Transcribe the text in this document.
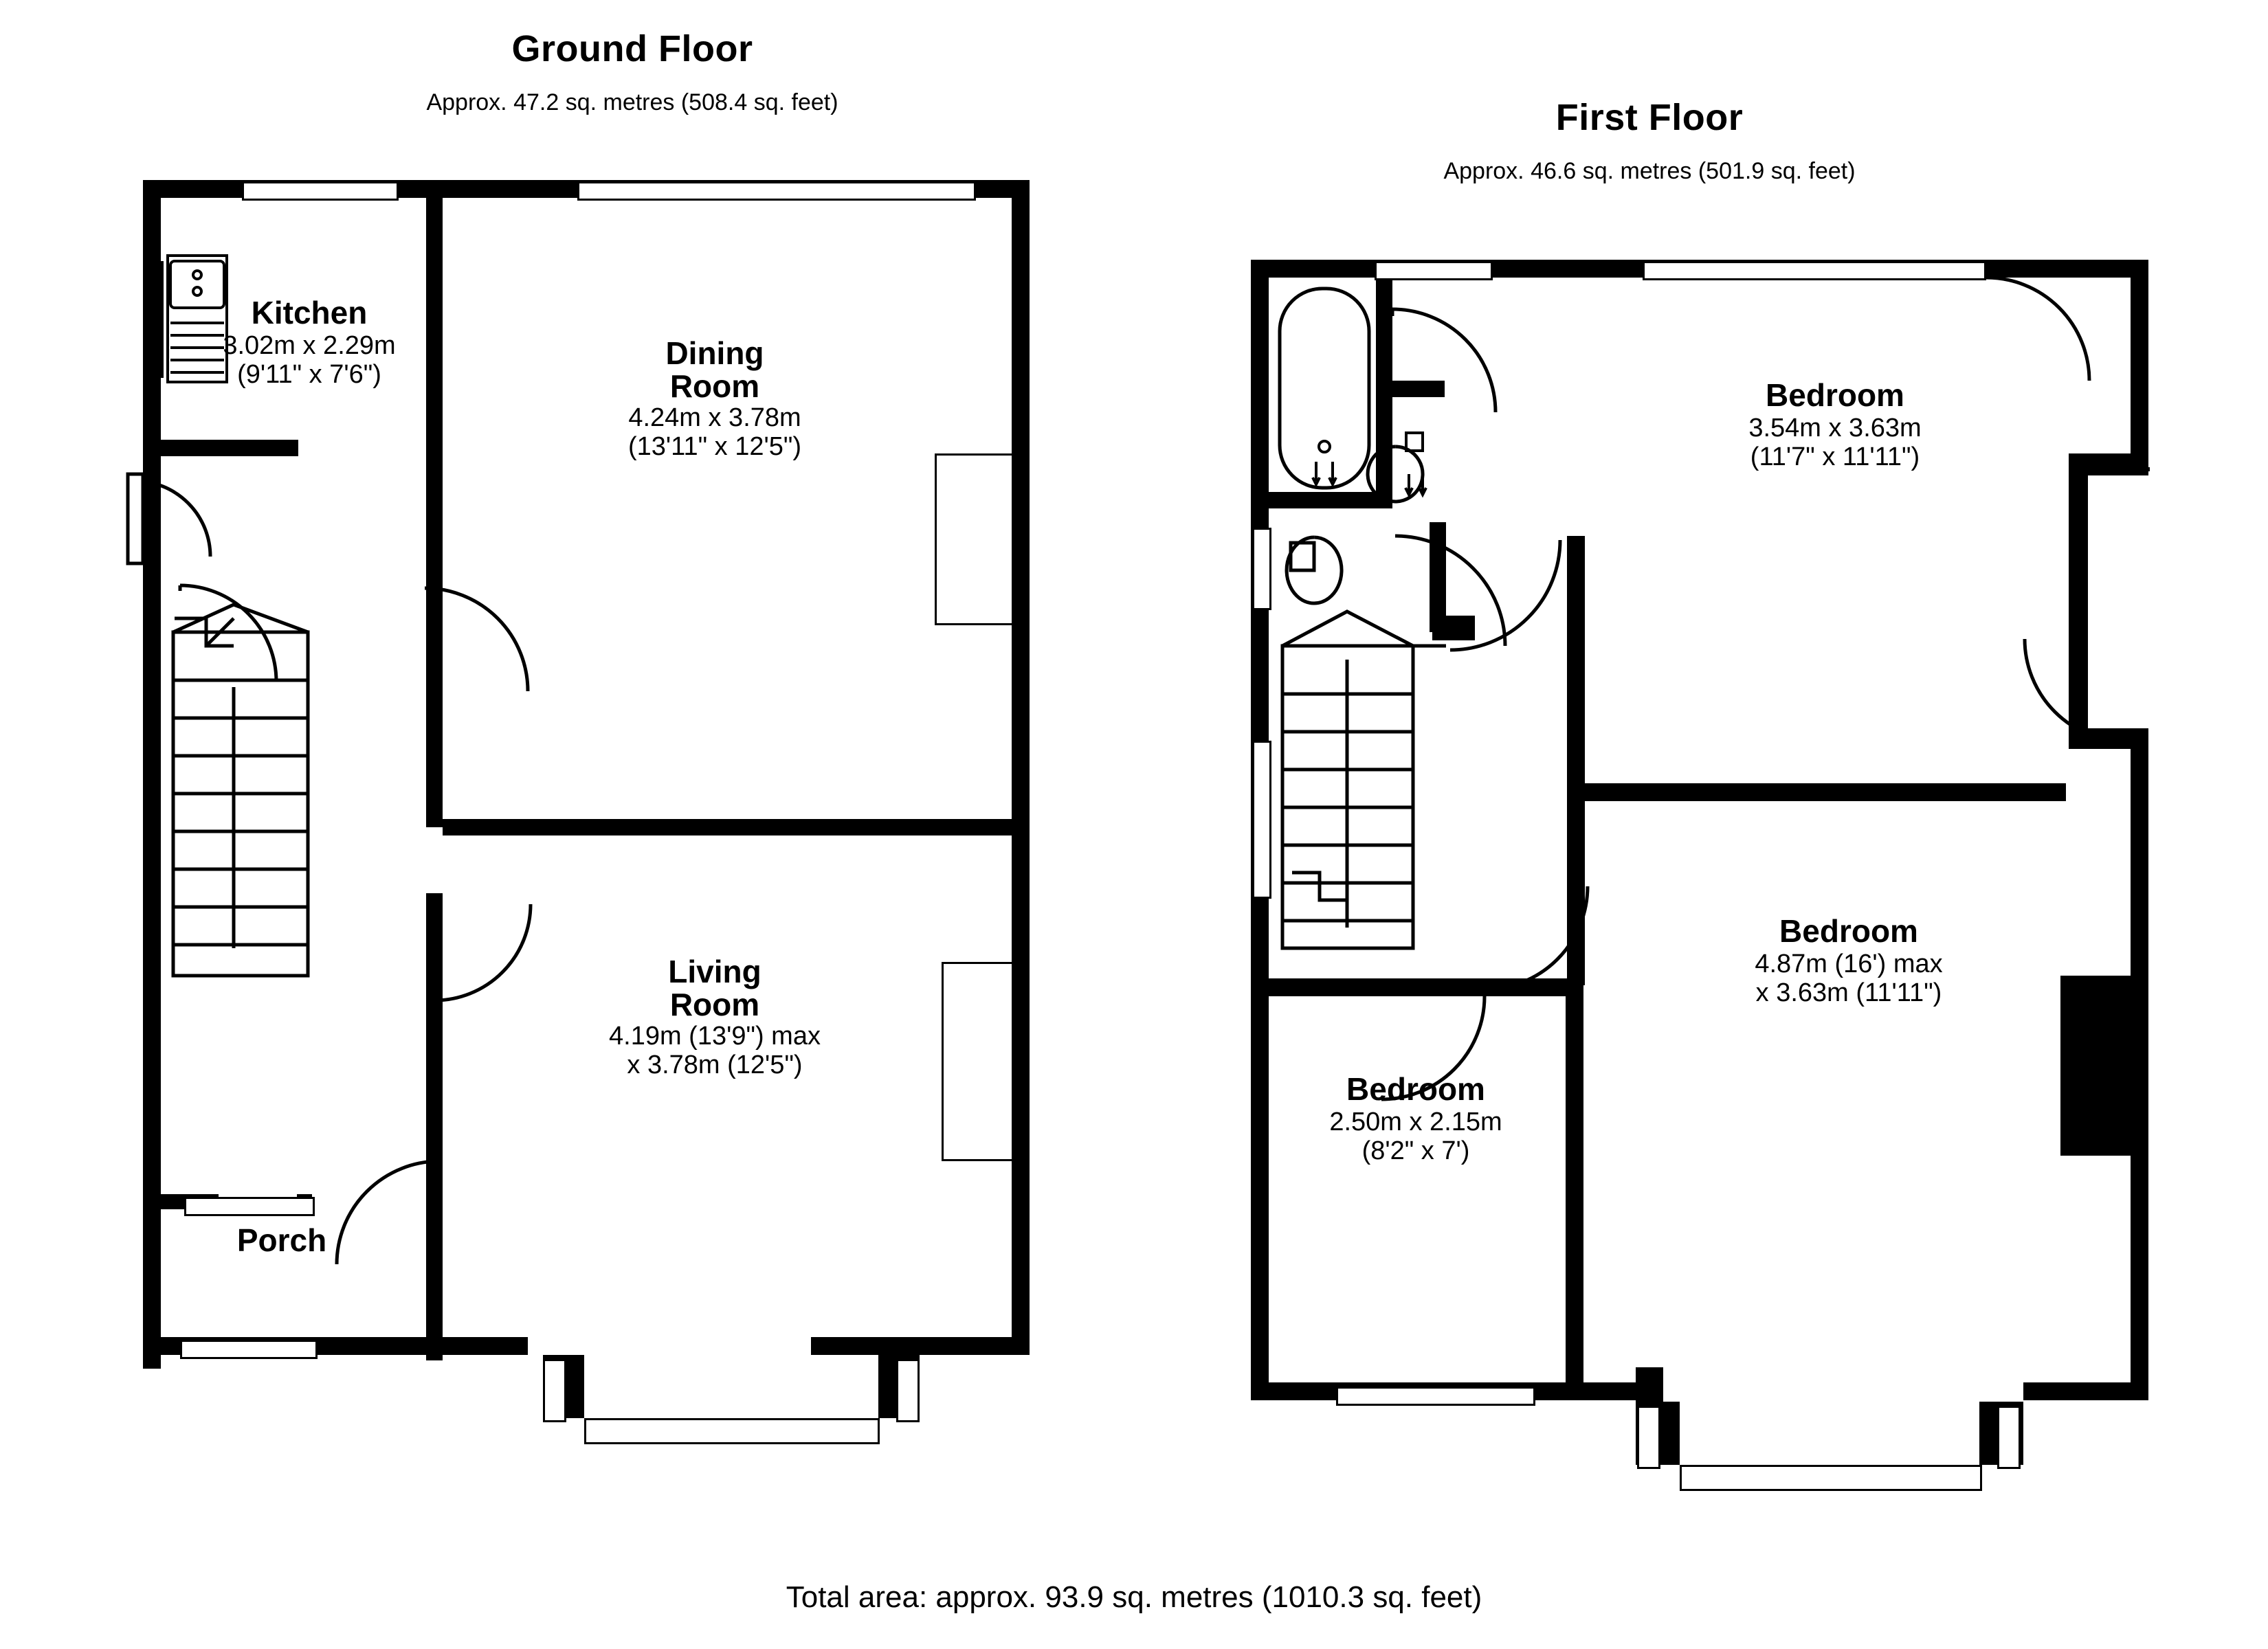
Ground Floor
Approx. 47.2 sq. metres (508.4 sq. feet)	First Floor
Approx. 46.6 sq. metres (501.9 sq. feet)
Kitchen
3.02m x 2.29m
(9'11" x 7'6")
Dining
Room
4.24m x 3.78m
(13'11" x 12'5")
Living
Room
4.19m (13'9") max
x 3.78m (12'5")
Porch
Bedroom
3.54m x 3.63m
(11'7" x 11'11")
Bedroom
4.87m (16') max
x 3.63m (11'11")
Bedroom
2.50m x 2.15m
(8'2" x 7')
Total area: approx. 93.9 sq. metres (1010.3 sq. feet)
